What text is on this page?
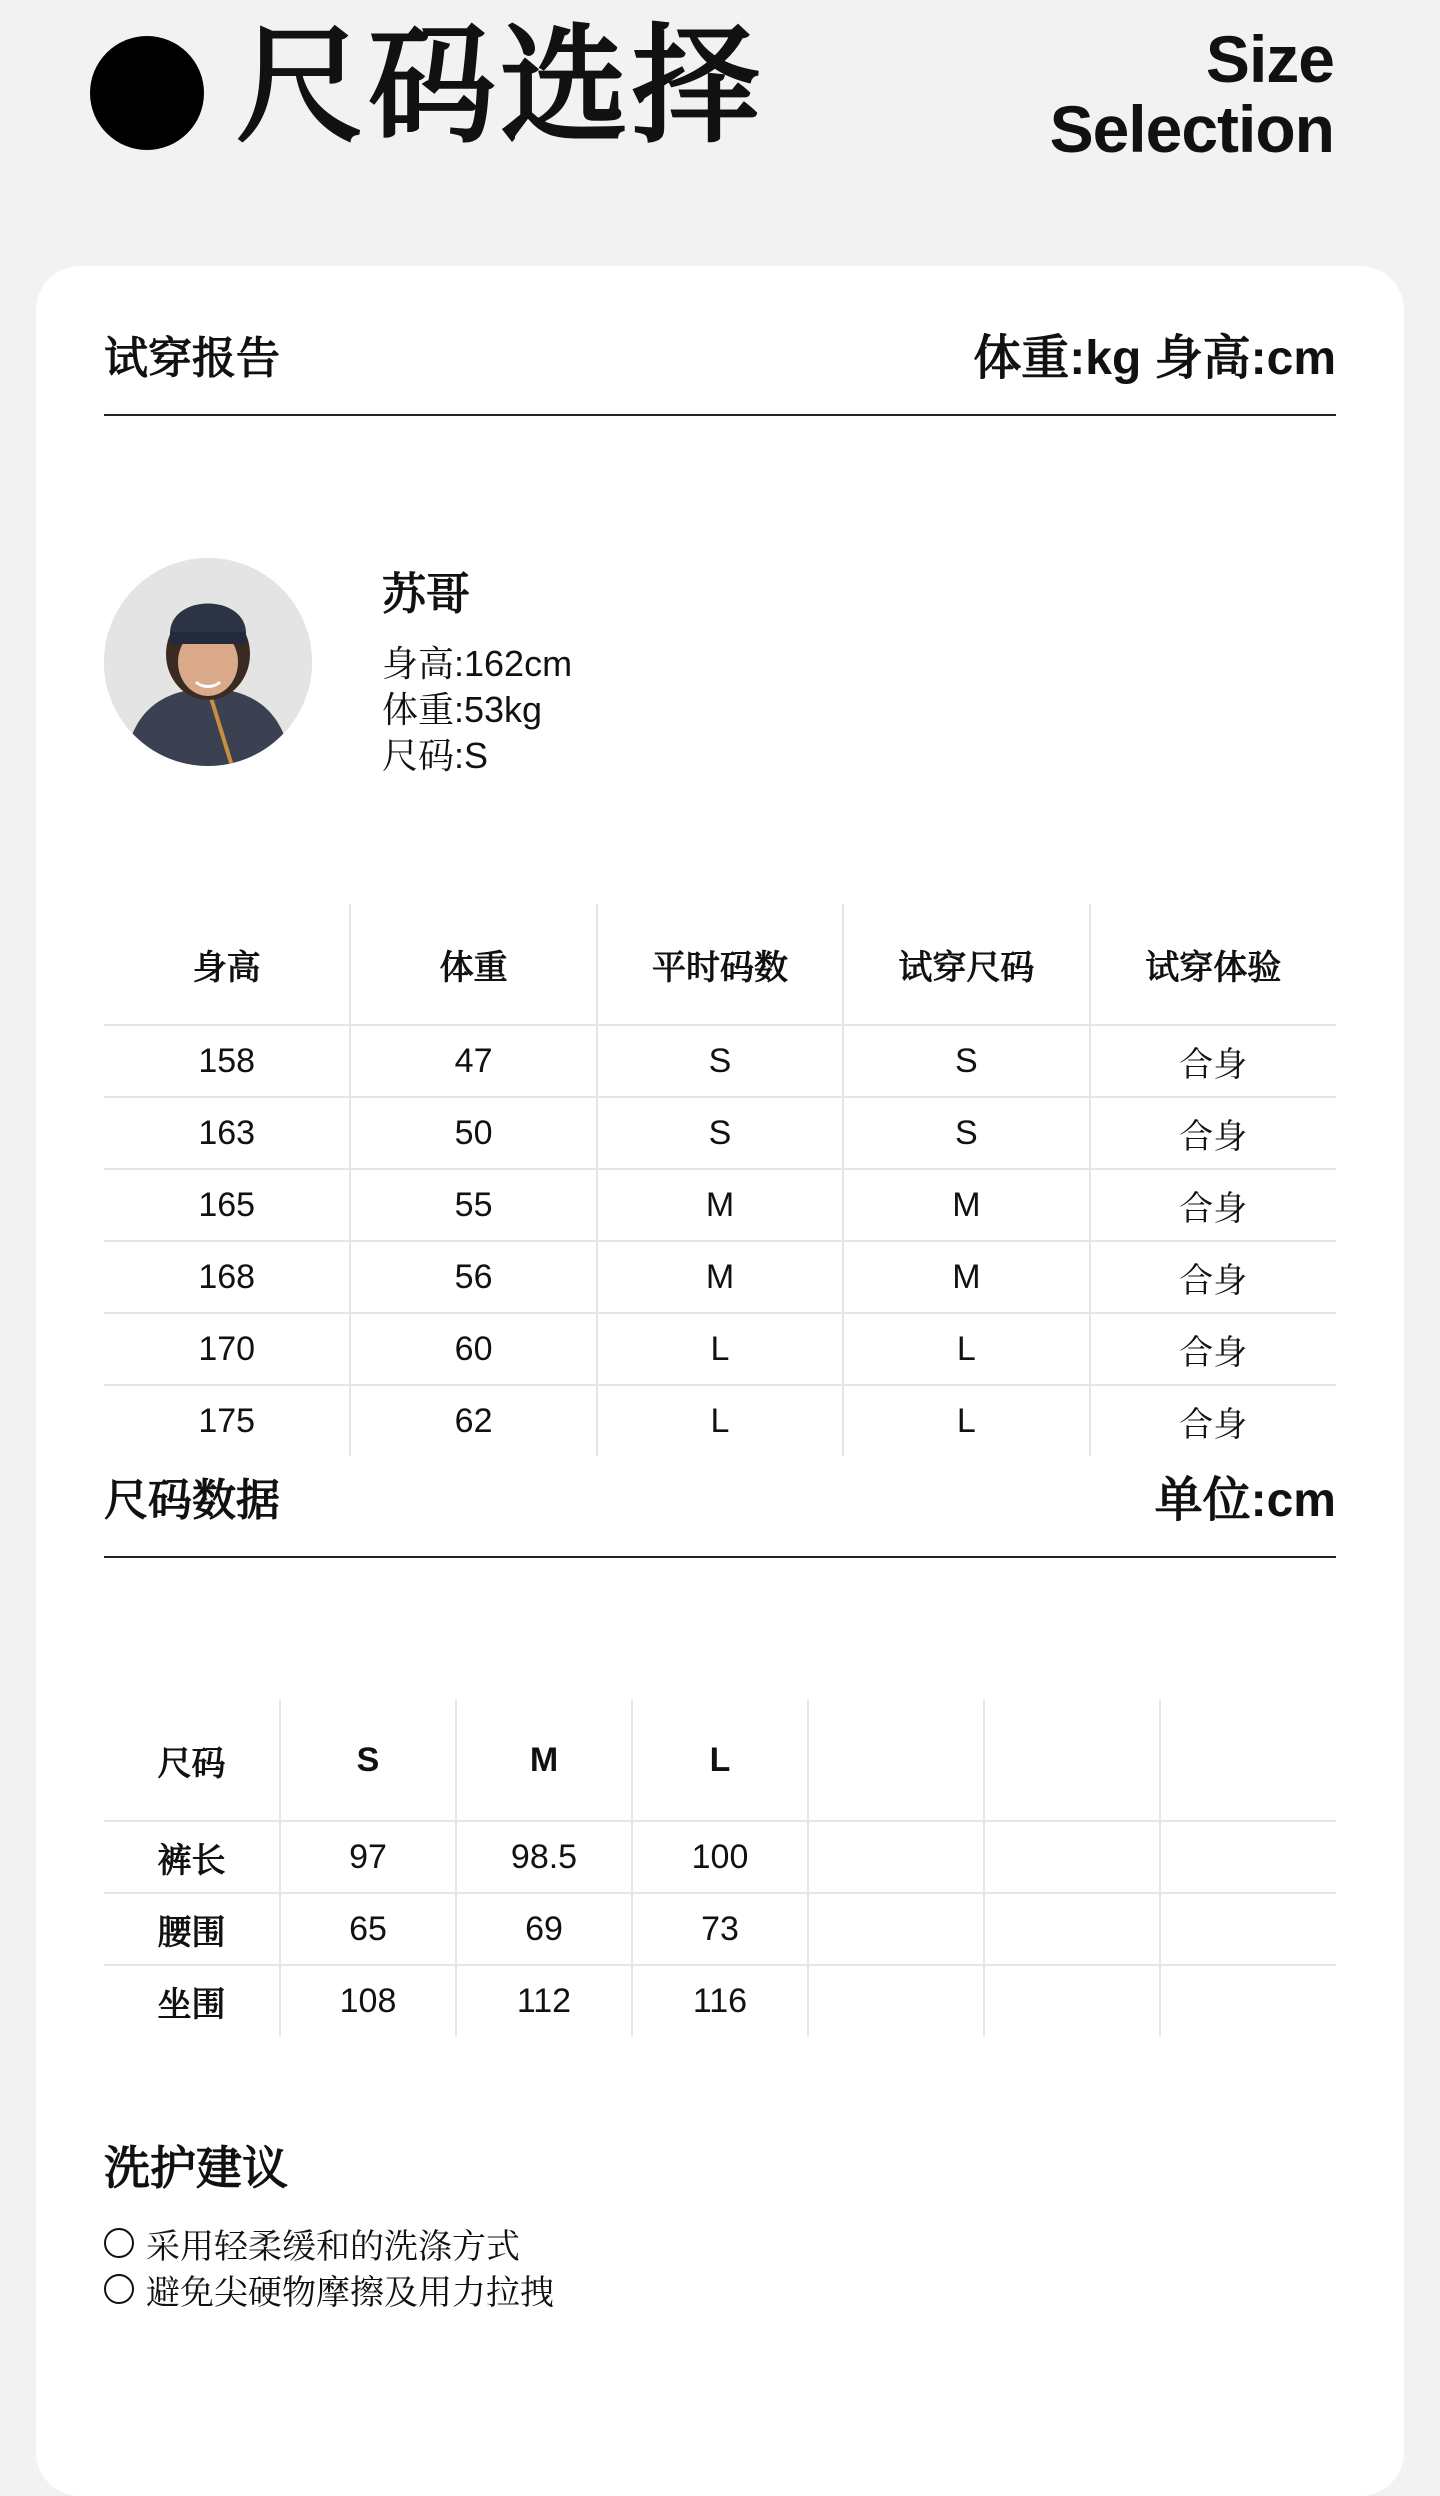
尺码选择	Size
Selection
试穿报告	体重:kg 身高:cm
苏哥
身高:162cm
体重:53kg
尺码:S
身高	体重	平时码数	试穿尺码	试穿体验
158	47	S	S	合身
163	50	S	S	合身
165	55	M	M	合身
168	56	M	M	合身
170	60	L	L	合身
175	62	L	L	合身
尺码数据	单位:cm
尺码	S	M	L			
裤长	97	98.5	100			
腰围	65	69	73			
坐围	108	112	116			
洗护建议
采用轻柔缓和的洗涤方式
避免尖硬物摩擦及用力拉拽
